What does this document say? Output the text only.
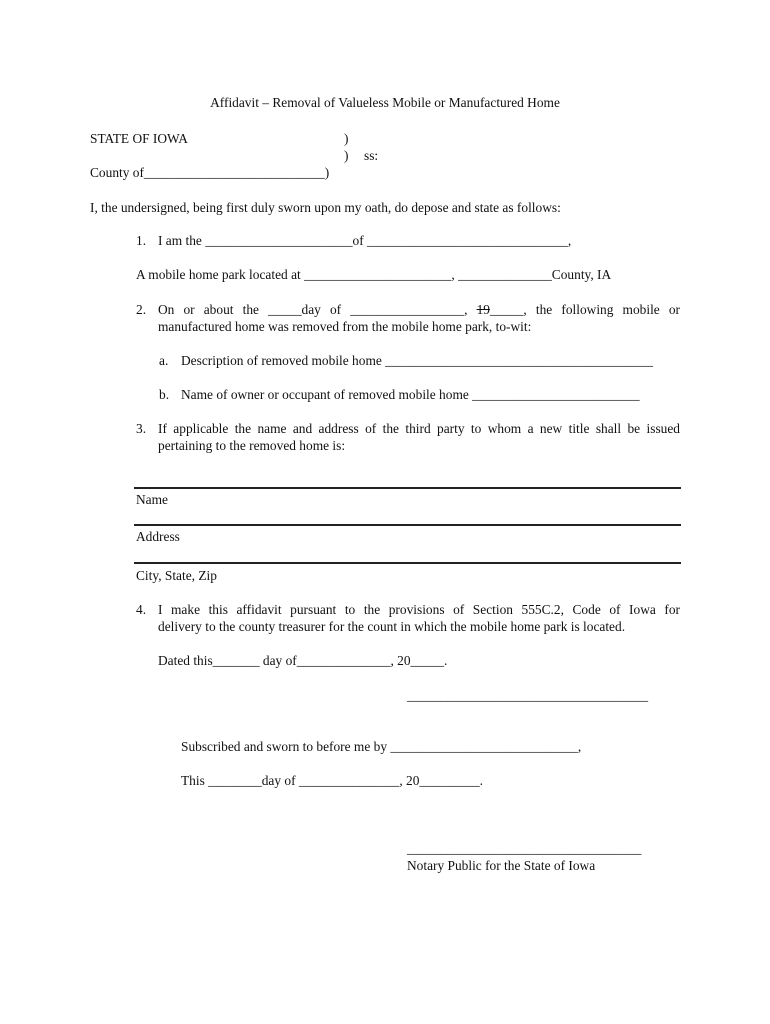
Affidavit – Removal of Valueless Mobile or Manufactured Home
STATE OF IOWA	)
) ss:
County of___________________________)
I, the undersigned, being first duly sworn upon my oath, do depose and state as follows:
1. I am the ______________________of ______________________________,
A mobile home park located at ______________________, ______________County, IA
2. On or about the _____day of _________________, 19_____, the following mobile or
manufactured home was removed from the mobile home park, to-wit:
a. Description of removed mobile home ________________________________________
b. Name of owner or occupant of removed mobile home _________________________
3. If applicable the name and address of the third party to whom a new title shall be issued
pertaining to the removed home is:
Name
Address
City, State, Zip
4. I make this affidavit pursuant to the provisions of Section 555C.2, Code of Iowa for
delivery to the county treasurer for the count in which the mobile home park is located.
Dated this_______ day of______________, 20_____.
____________________________________
Subscribed and sworn to before me by ____________________________,
This ________day of _______________, 20_________.
___________________________________
Notary Public for the State of Iowa
